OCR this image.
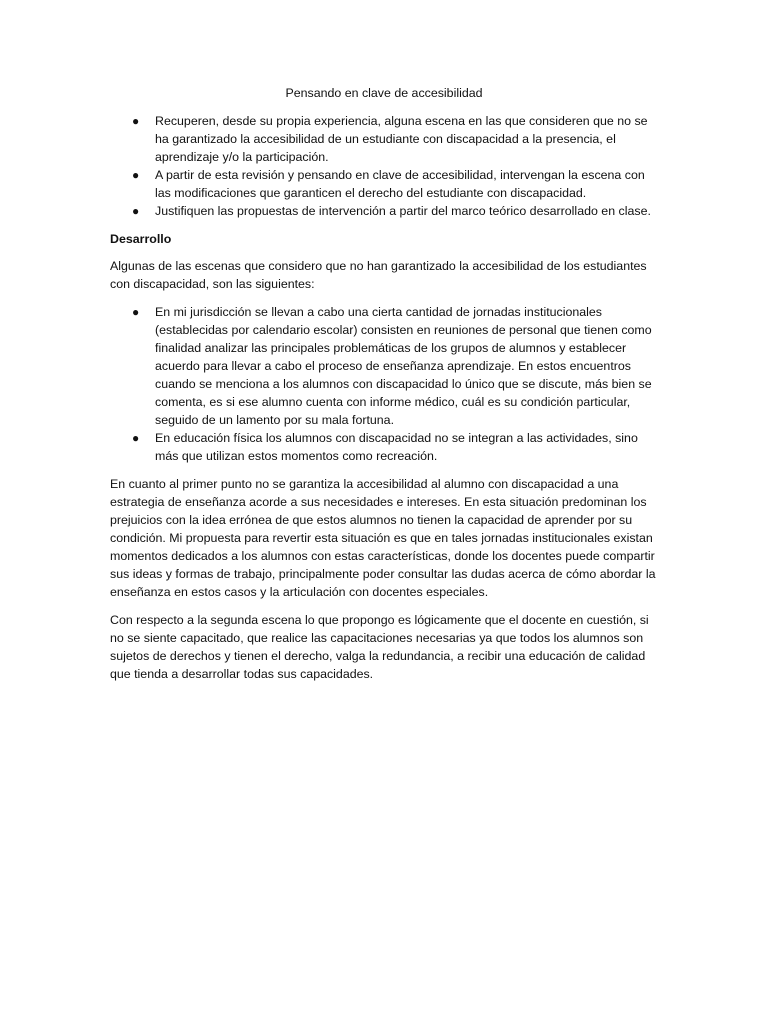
Pensando en clave de accesibilidad
● Recuperen, desde su propia experiencia, alguna escena en las que consideren que no se ha garantizado la accesibilidad de un estudiante con discapacidad a la presencia, el aprendizaje y/o la participación.
● A partir de esta revisión y pensando en clave de accesibilidad, intervengan la escena con las modificaciones que garanticen el derecho del estudiante con discapacidad.
● Justifiquen las propuestas de intervención a partir del marco teórico desarrollado en clase.
Desarrollo

Algunas de las escenas que considero que no han garantizado la accesibilidad de los estudiantes con discapacidad, son las siguientes:

● En mi jurisdicción se llevan a cabo una cierta cantidad de jornadas institucionales (establecidas por calendario escolar) consisten en reuniones de personal que tienen como finalidad analizar las principales problemáticas de los grupos de alumnos y establecer acuerdo para llevar a cabo el proceso de enseñanza aprendizaje. En estos encuentros cuando se menciona a los alumnos con discapacidad lo único que se discute, más bien se comenta, es si ese alumno cuenta con informe médico, cuál es su condición particular, seguido de un lamento por su mala fortuna.
● En educación física los alumnos con discapacidad no se integran a las actividades, sino más que utilizan estos momentos como recreación.

En cuanto al primer punto no se garantiza la accesibilidad al alumno con discapacidad a una estrategia de enseñanza acorde a sus necesidades e intereses. En esta situación predominan los prejuicios con la idea errónea de que estos alumnos no tienen la capacidad de aprender por su condición. Mi propuesta para revertir esta situación es que en tales jornadas institucionales existan momentos dedicados a los alumnos con estas características, donde los docentes puede compartir sus ideas y formas de trabajo, principalmente poder consultar las dudas acerca de cómo abordar la enseñanza en estos casos y la articulación con docentes especiales.

Con respecto a la segunda escena lo que propongo es lógicamente que el docente en cuestión, si no se siente capacitado, que realice las capacitaciones necesarias ya que todos los alumnos son sujetos de derechos y tienen el derecho, valga la redundancia, a recibir una educación de calidad que tienda a desarrollar todas sus capacidades.
